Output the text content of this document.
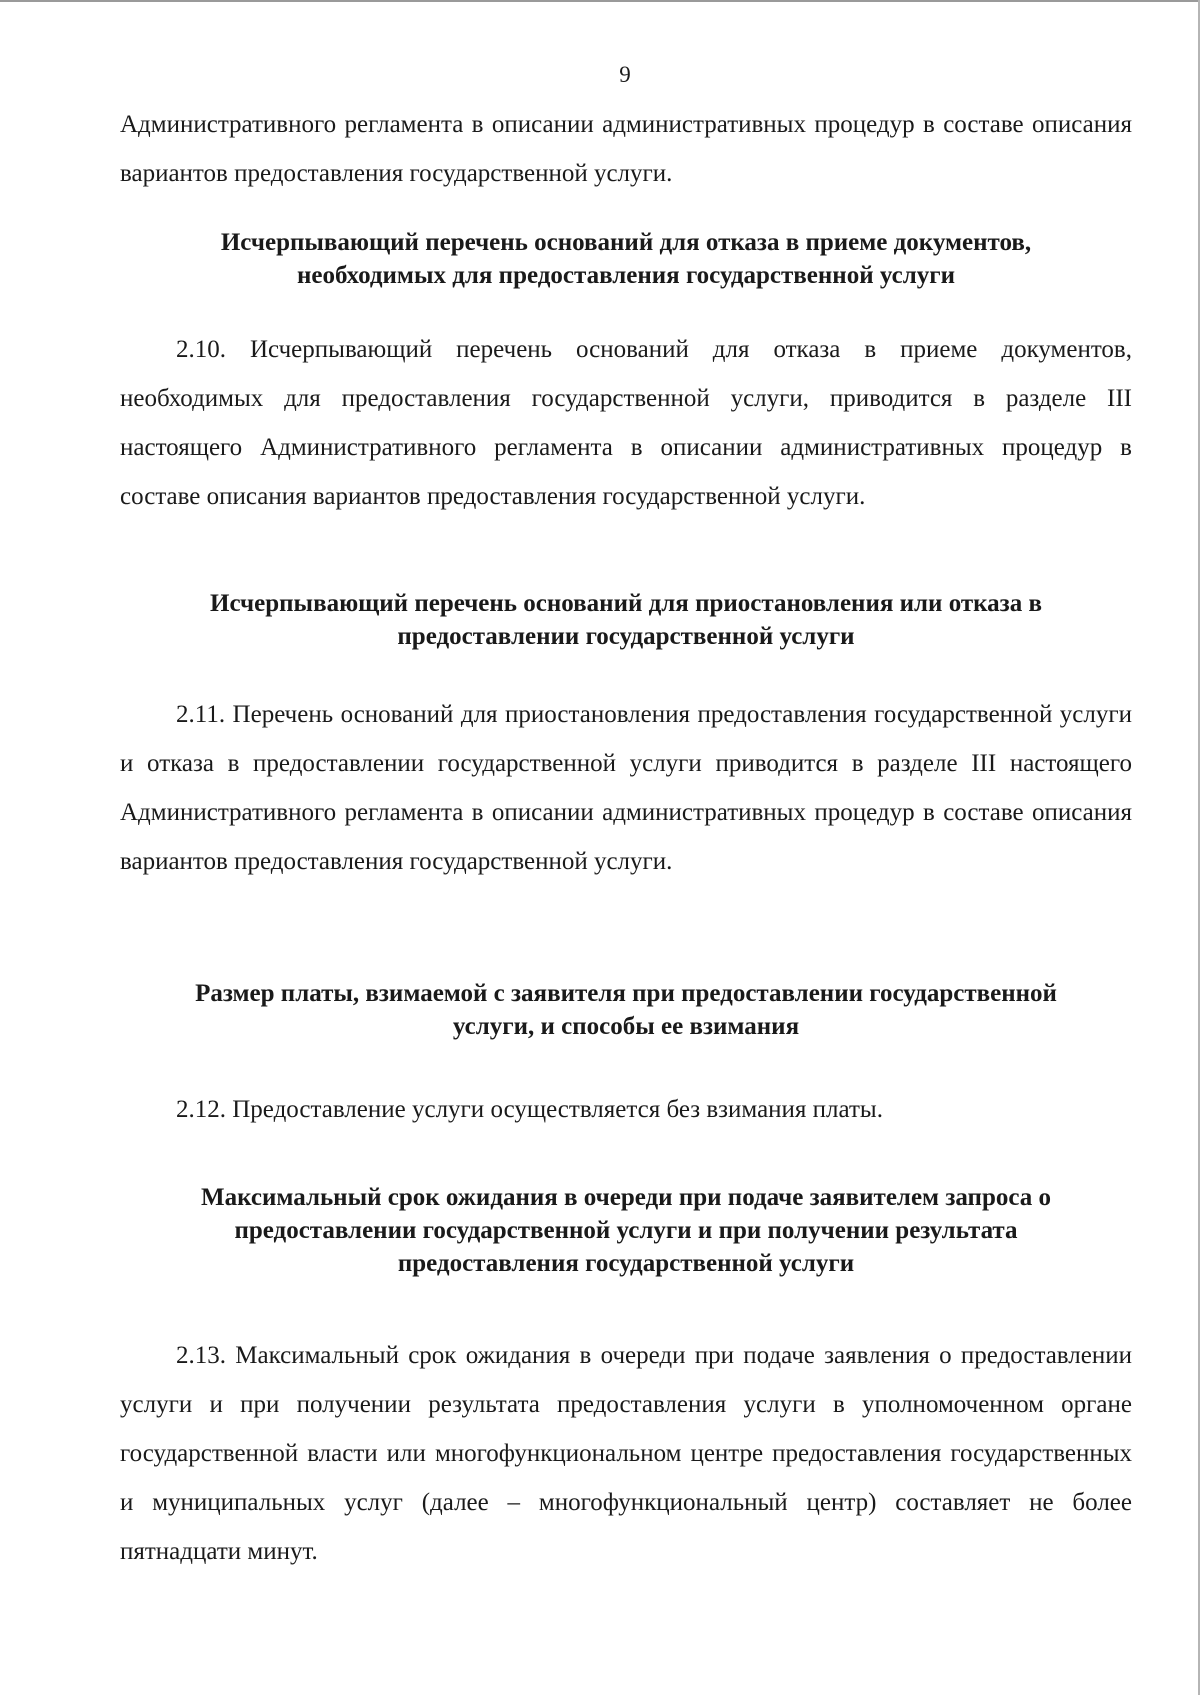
9

Административного регламента в описании административных процедур в составе описания вариантов предоставления государственной услуги.

Исчерпывающий перечень оснований для отказа в приеме документов,
необходимых для предоставления государственной услуги

2.10. Исчерпывающий перечень оснований для отказа в приеме документов, необходимых для предоставления государственной услуги, приводится в разделе III настоящего Административного регламента в описании административных процедур в составе описания вариантов предоставления государственной услуги.

Исчерпывающий перечень оснований для приостановления или отказа в
предоставлении государственной услуги

2.11. Перечень оснований для приостановления предоставления государственной услуги и отказа в предоставлении государственной услуги приводится в разделе III настоящего Административного регламента в описании административных процедур в составе описания вариантов предоставления государственной услуги.

Размер платы, взимаемой с заявителя при предоставлении государственной
услуги, и способы ее взимания

2.12. Предоставление услуги осуществляется без взимания платы.

Максимальный срок ожидания в очереди при подаче заявителем запроса о
предоставлении государственной услуги и при получении результата
предоставления государственной услуги

2.13. Максимальный срок ожидания в очереди при подаче заявления о предоставлении услуги и при получении результата предоставления услуги в уполномоченном органе государственной власти или многофункциональном центре предоставления государственных и муниципальных услуг (далее – многофункциональный центр) составляет не более пятнадцати минут.
